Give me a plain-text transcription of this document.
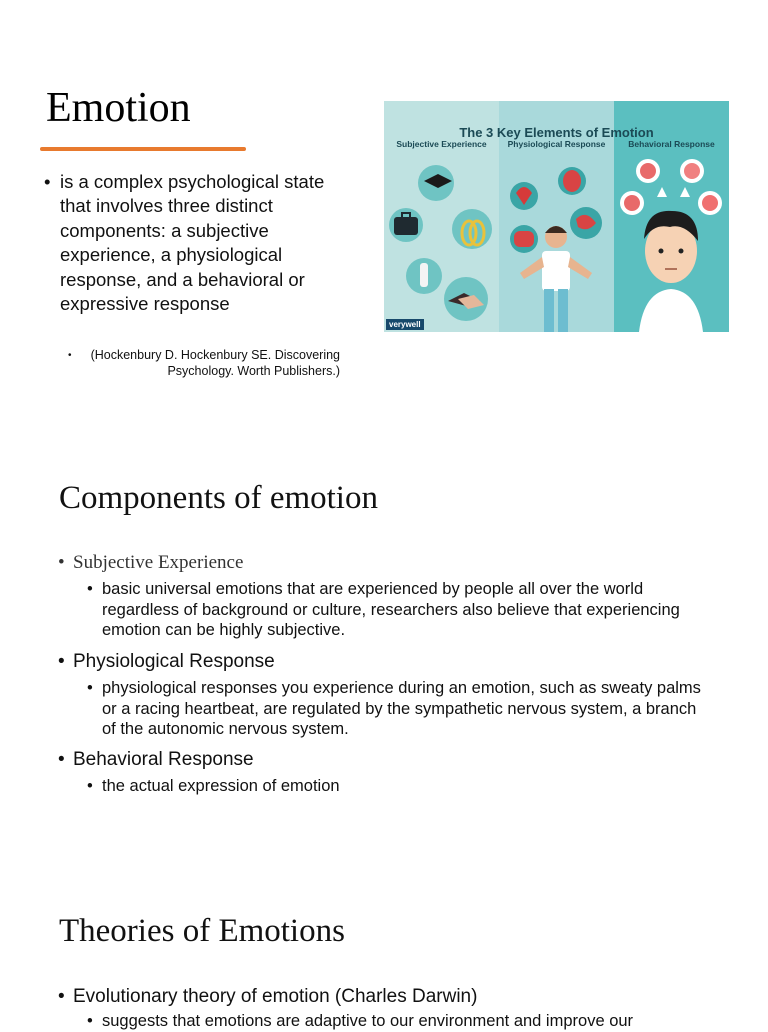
Emotion
• is a complex psychological state that involves three distinct components: a subjective experience, a physiological response, and a behavioral or expressive response
•	(Hockenbury D. Hockenbury SE. Discovering Psychology. Worth Publishers.)
The 3 Key Elements of Emotion
Subjective Experience	Physiological Response	Behavioral Response
verywell
Components of emotion
• Subjective Experience
• basic universal emotions that are experienced by people all over the world regardless of background or culture, researchers also believe that experiencing emotion can be highly subjective.
• Physiological Response
• physiological responses you experience during an emotion, such as sweaty palms or a racing heartbeat, are regulated by the sympathetic nervous system, a branch of the autonomic nervous system.
• Behavioral Response
• the actual expression of emotion
Theories of Emotions
• Evolutionary theory of emotion (Charles Darwin)
• suggests that emotions are adaptive to our environment and improve our
